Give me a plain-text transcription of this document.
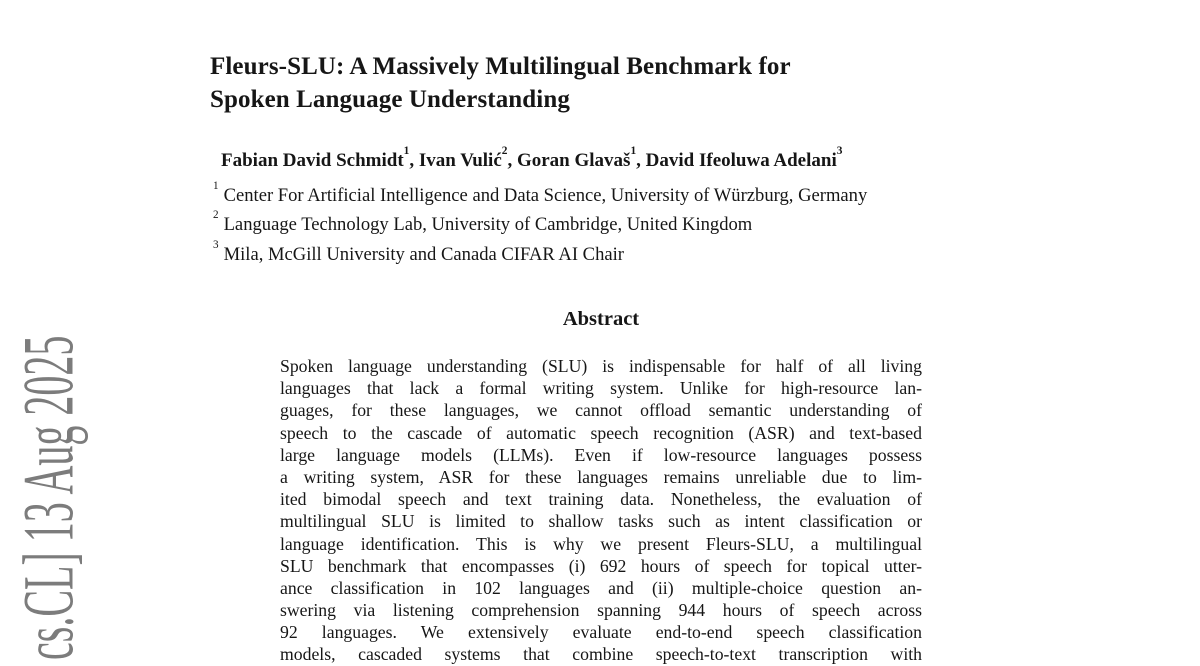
cs.CL] 13 Aug 2025
Fleurs-SLU: A Massively Multilingual Benchmark for
Spoken Language Understanding
Fabian David Schmidt$^1$, Ivan Vulić$^2$, Goran Glavaš$^1$, David Ifeoluwa Adelani$^3$
$^1$ Center For Artificial Intelligence and Data Science, University of Würzburg, Germany
$^2$ Language Technology Lab, University of Cambridge, United Kingdom
$^3$ Mila, McGill University and Canada CIFAR AI Chair
Abstract
Spoken language understanding (SLU) is indispensable for half of all living
languages that lack a formal writing system. Unlike for high-resource lan-
guages, for these languages, we cannot offload semantic understanding of
speech to the cascade of automatic speech recognition (ASR) and text-based
large language models (LLMs). Even if low-resource languages possess
a writing system, ASR for these languages remains unreliable due to lim-
ited bimodal speech and text training data. Nonetheless, the evaluation of
multilingual SLU is limited to shallow tasks such as intent classification or
language identification. This is why we present Fleurs-SLU, a multilingual
SLU benchmark that encompasses (i) 692 hours of speech for topical utter-
ance classification in 102 languages and (ii) multiple-choice question an-
swering via listening comprehension spanning 944 hours of speech across
92 languages. We extensively evaluate end-to-end speech classification
models, cascaded systems that combine speech-to-text transcription with
